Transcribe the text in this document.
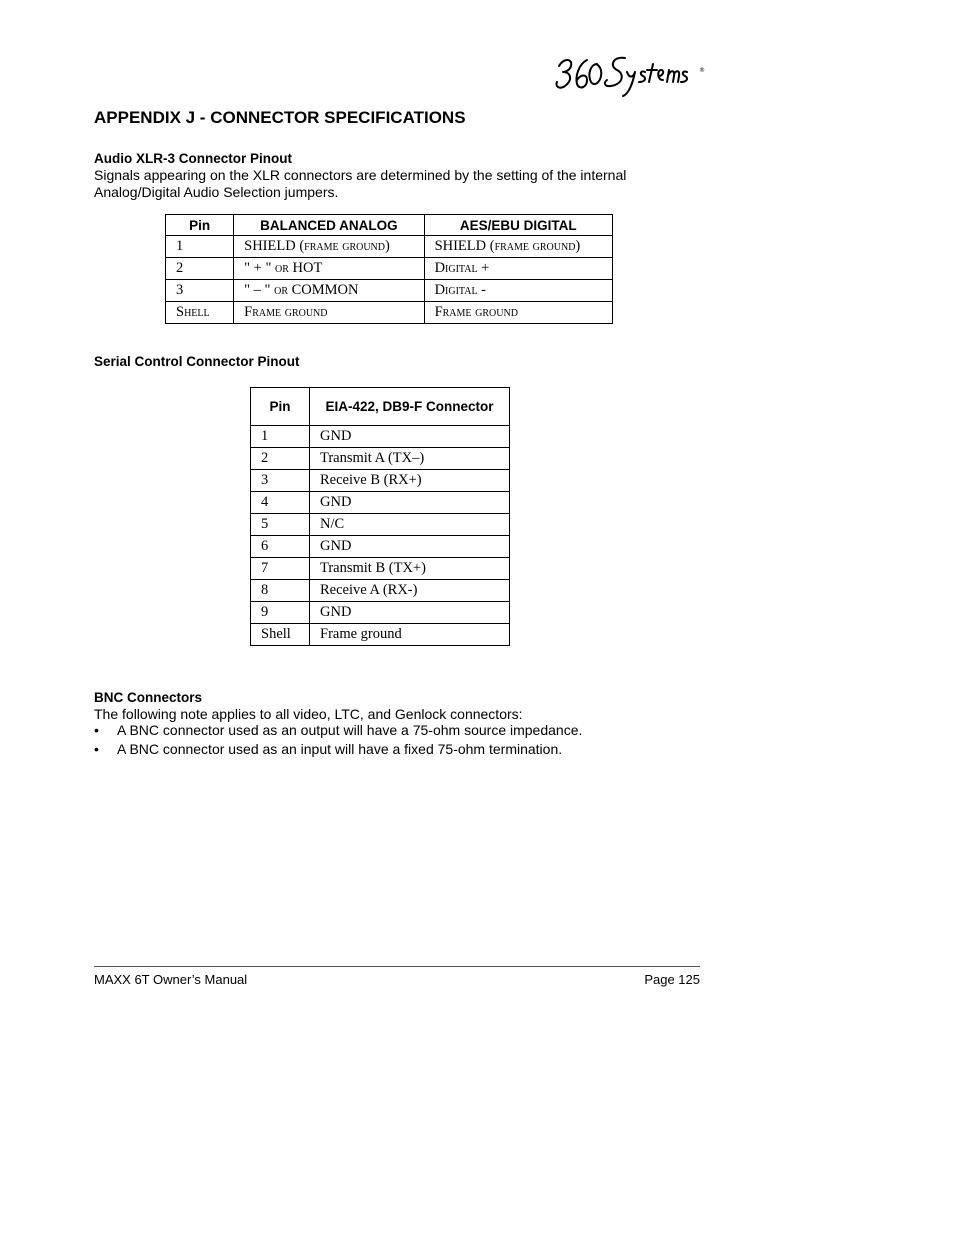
®
APPENDIX J - CONNECTOR SPECIFICATIONS
Audio XLR-3 Connector Pinout
Signals appearing on the XLR connectors are determined by the setting of the internal Analog/Digital Audio Selection jumpers.
Pin	BALANCED ANALOG	AES/EBU DIGITAL
1	SHIELD (frame ground)	SHIELD (frame ground)
2	" + " or HOT	Digital +
3	" – " or COMMON	Digital -
Shell	Frame ground	Frame ground
Serial Control Connector Pinout
Pin	EIA-422, DB9-F Connector
1	GND
2	Transmit A (TX–)
3	Receive B (RX+)
4	GND
5	N/C
6	GND
7	Transmit B (TX+)
8	Receive A (RX-)
9	GND
Shell	Frame ground
BNC Connectors
The following note applies to all video, LTC, and Genlock connectors:
• A BNC connector used as an output will have a 75-ohm source impedance.
• A BNC connector used as an input will have a fixed 75-ohm termination.
MAXX 6T Owner’s Manual	Page 125
